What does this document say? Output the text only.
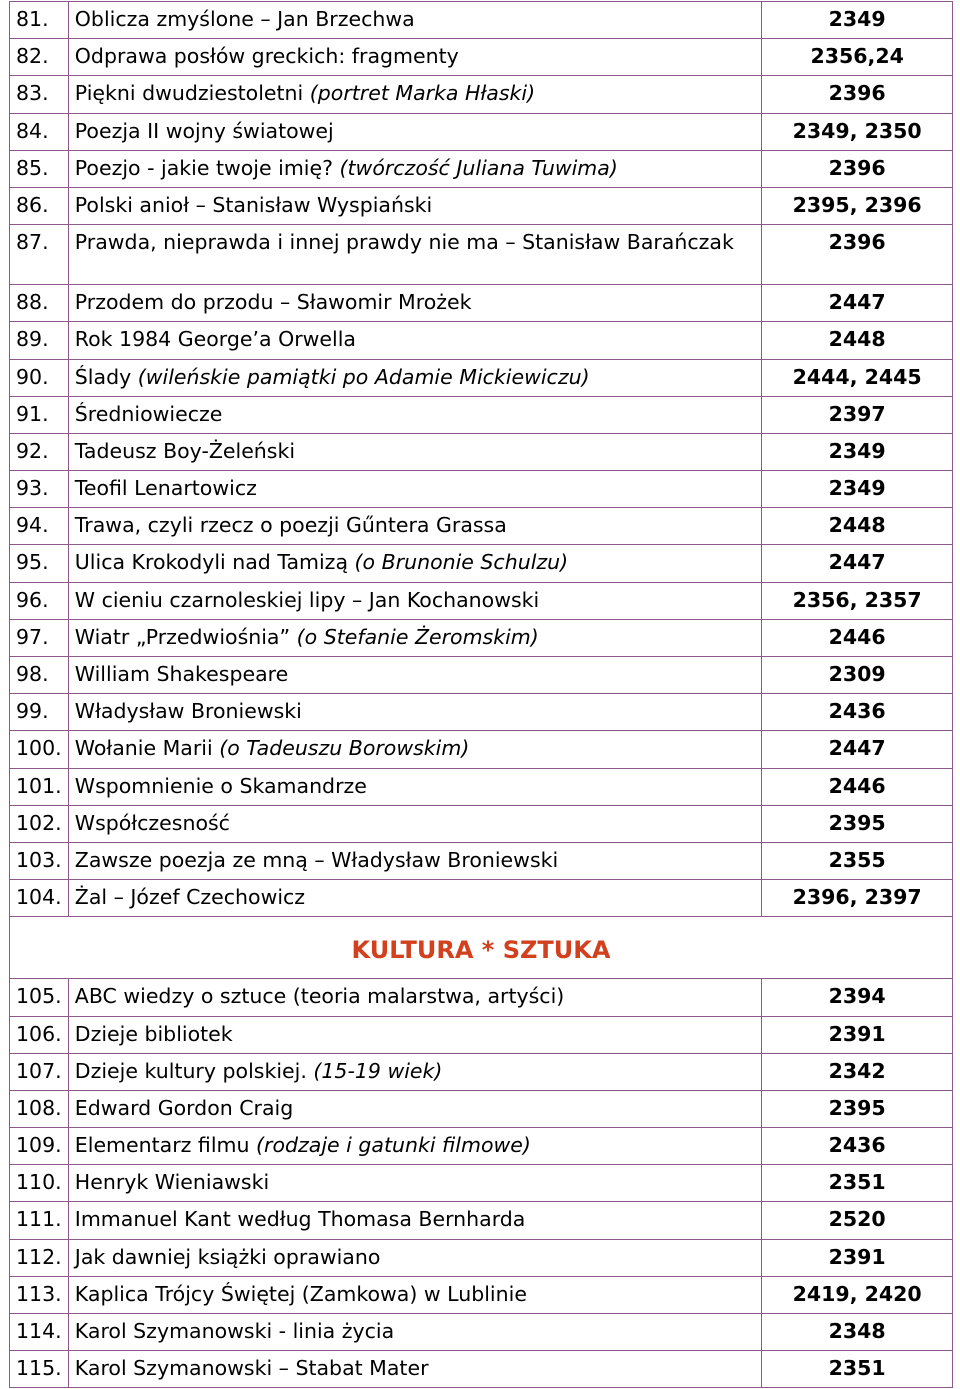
81.	Oblicza zmyślone – Jan Brzechwa	2349
82.	Odprawa posłów greckich: fragmenty	2356,24
83.	Piękni dwudziestoletni (portret Marka Hłaski)	2396
84.	Poezja II wojny światowej	2349, 2350
85.	Poezjo - jakie twoje imię? (twórczość Juliana Tuwima)	2396
86.	Polski anioł – Stanisław Wyspiański	2395, 2396
87.	Prawda, nieprawda i innej prawdy nie ma – Stanisław Barańczak	2396
88.	Przodem do przodu – Sławomir Mrożek	2447
89.	Rok 1984 George’a Orwella	2448
90.	Ślady (wileńskie pamiątki po Adamie Mickiewiczu)	2444, 2445
91.	Średniowiecze	2397
92.	Tadeusz Boy-Żeleński	2349
93.	Teofil Lenartowicz	2349
94.	Trawa, czyli rzecz o poezji Gűntera Grassa	2448
95.	Ulica Krokodyli nad Tamizą (o Brunonie Schulzu)	2447
96.	W cieniu czarnoleskiej lipy – Jan Kochanowski	2356, 2357
97.	Wiatr „Przedwiośnia” (o Stefanie Żeromskim)	2446
98.	William Shakespeare	2309
99.	Władysław Broniewski	2436
100.	Wołanie Marii (o Tadeuszu Borowskim)	2447
101.	Wspomnienie o Skamandrze	2446
102.	Współczesność	2395
103.	Zawsze poezja ze mną – Władysław Broniewski	2355
104.	Żal – Józef Czechowicz	2396, 2397
KULTURA * SZTUKA		
105.	ABC wiedzy o sztuce (teoria malarstwa, artyści)	2394
106.	Dzieje bibliotek	2391
107.	Dzieje kultury polskiej. (15-19 wiek)	2342
108.	Edward Gordon Craig	2395
109.	Elementarz filmu (rodzaje i gatunki filmowe)	2436
110.	Henryk Wieniawski	2351
111.	Immanuel Kant według Thomasa Bernharda	2520
112.	Jak dawniej książki oprawiano	2391
113.	Kaplica Trójcy Świętej (Zamkowa) w Lublinie	2419, 2420
114.	Karol Szymanowski - linia życia	2348
115.	Karol Szymanowski – Stabat Mater	2351
